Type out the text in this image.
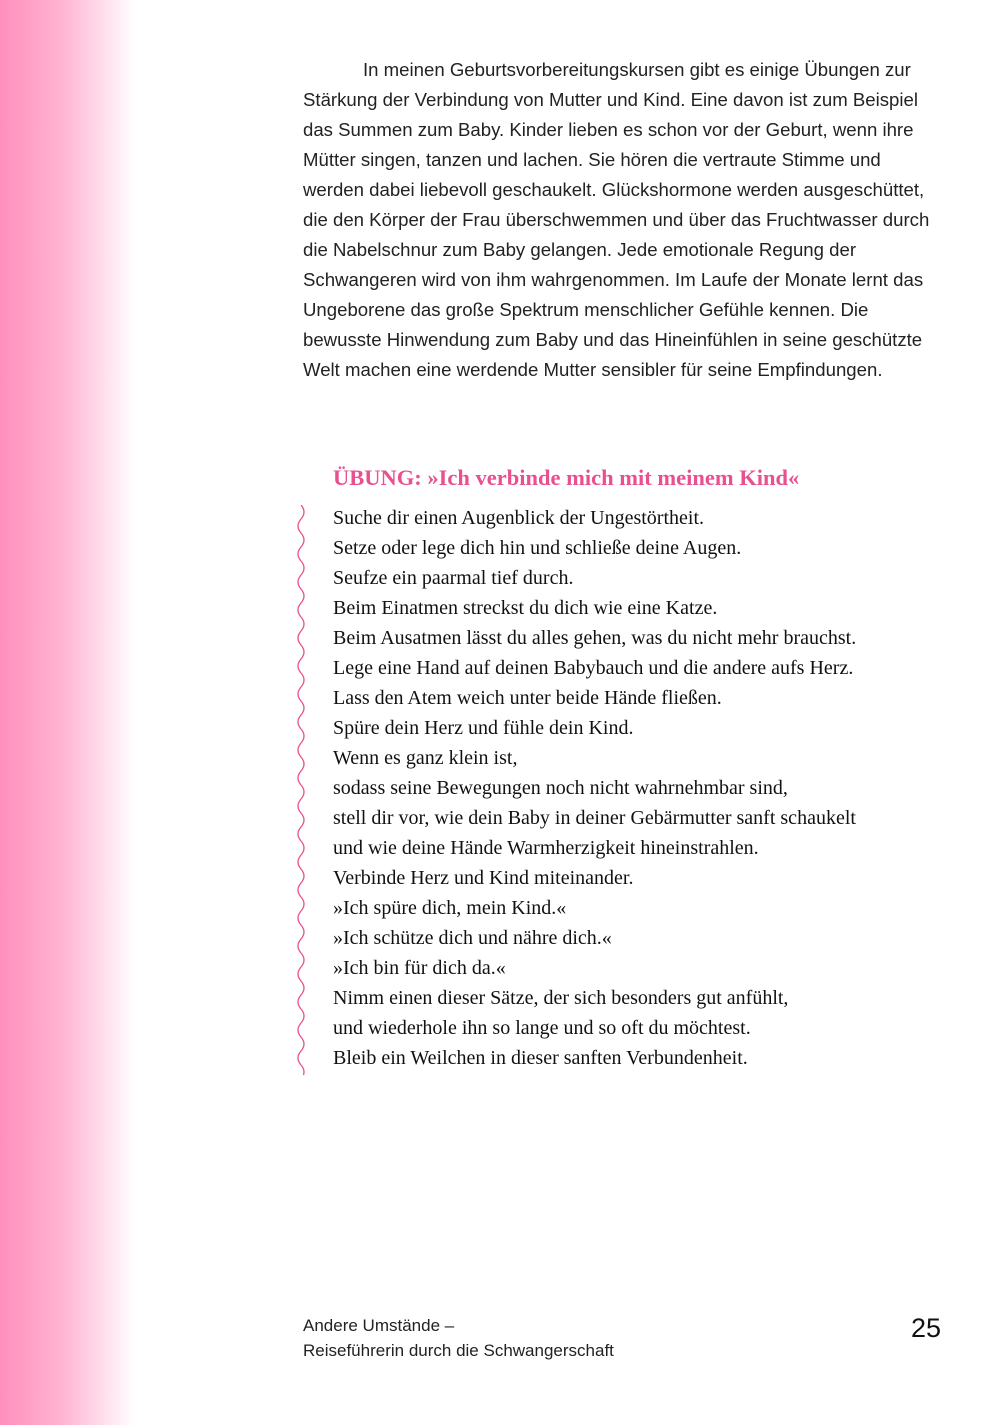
In meinen Geburtsvorbereitungskursen gibt es einige Übungen zur Stärkung der Verbindung von Mutter und Kind. Eine davon ist zum Beispiel das Summen zum Baby. Kinder lieben es schon vor der Geburt, wenn ihre Mütter singen, tanzen und lachen. Sie hören die vertraute Stimme und werden dabei liebevoll geschaukelt. Glückshormone werden ausgeschüttet, die den Körper der Frau überschwemmen und über das Fruchtwasser durch die Nabelschnur zum Baby gelangen. Jede emotionale Regung der Schwangeren wird von ihm wahrgenommen. Im Laufe der Monate lernt das Ungeborene das große Spektrum menschlicher Gefühle kennen. Die bewusste Hinwendung zum Baby und das Hineinfühlen in seine geschützte Welt machen eine werdende Mutter sensibler für seine Empfindungen.

ÜBUNG: »Ich verbinde mich mit meinem Kind«
Suche dir einen Augenblick der Ungestörtheit.
Setze oder lege dich hin und schließe deine Augen.
Seufze ein paarmal tief durch.
Beim Einatmen streckst du dich wie eine Katze.
Beim Ausatmen lässt du alles gehen, was du nicht mehr brauchst.
Lege eine Hand auf deinen Babybauch und die andere aufs Herz.
Lass den Atem weich unter beide Hände fließen.
Spüre dein Herz und fühle dein Kind.
Wenn es ganz klein ist,
sodass seine Bewegungen noch nicht wahrnehmbar sind,
stell dir vor, wie dein Baby in deiner Gebärmutter sanft schaukelt
und wie deine Hände Warmherzigkeit hineinstrahlen.
Verbinde Herz und Kind miteinander.
»Ich spüre dich, mein Kind.«
»Ich schütze dich und nähre dich.«
»Ich bin für dich da.«
Nimm einen dieser Sätze, der sich besonders gut anfühlt,
und wiederhole ihn so lange und so oft du möchtest.
Bleib ein Weilchen in dieser sanften Verbundenheit.
Andere Umstände –
Reiseführerin durch die Schwangerschaft
25
